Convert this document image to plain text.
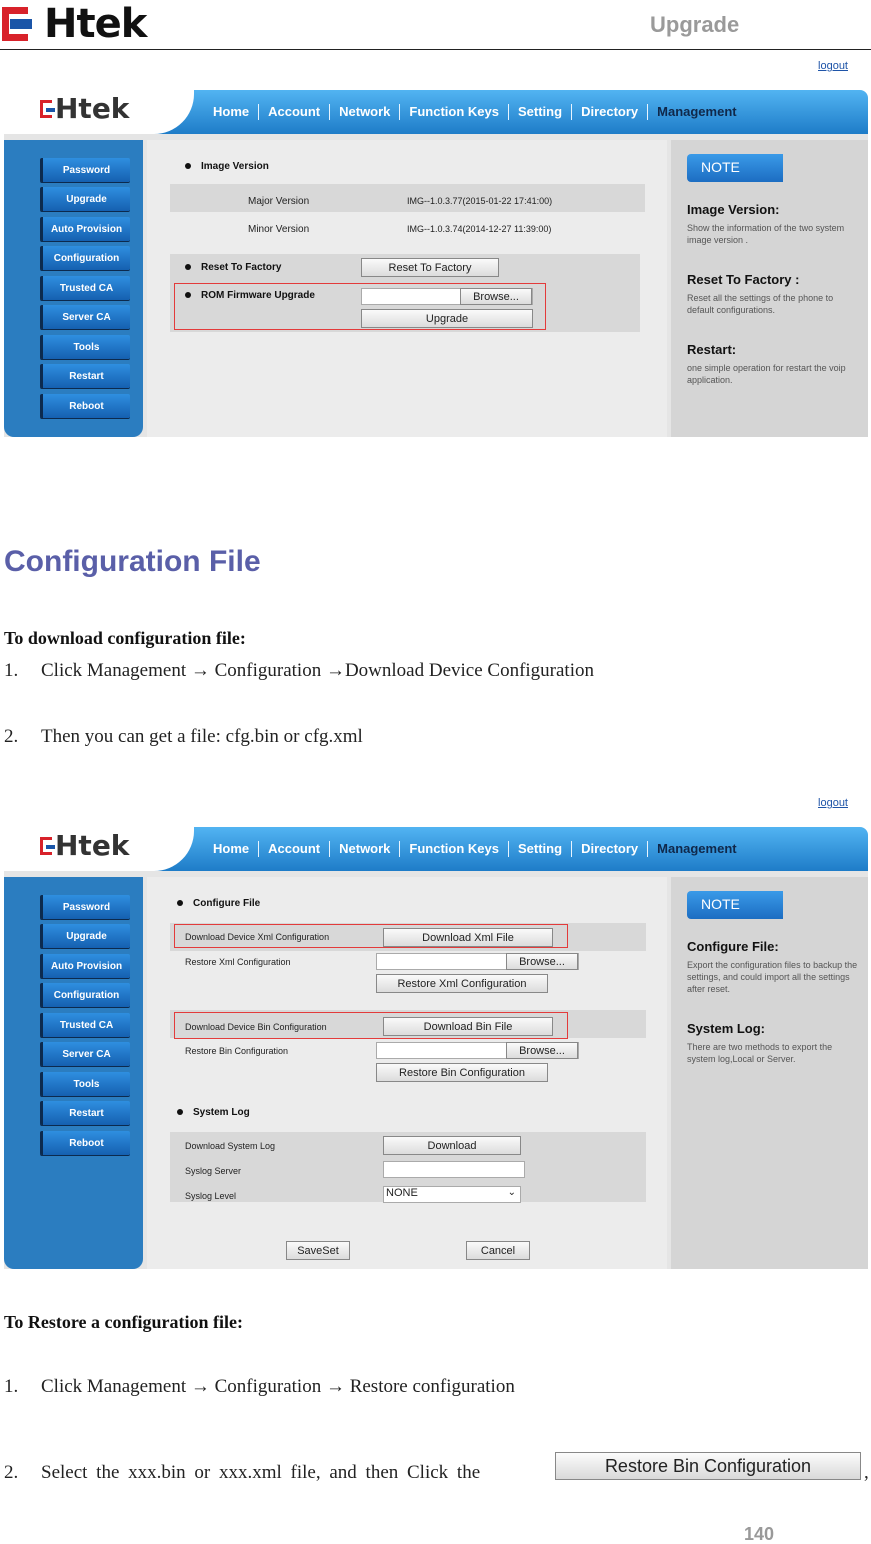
Htek	Upgrade
logout
Htek	Home	Account	Network	Function Keys	Setting	Directory	Management
Password
Upgrade
Auto Provision
Configuration
Trusted CA
Server CA
Tools
Restart
Reboot
Image Version
Major Version	IMG--1.0.3.77(2015-01-22 17:41:00)
Minor Version	IMG--1.0.3.74(2014-12-27 11:39:00)
Reset To Factory	Reset To Factory
ROM Firmware Upgrade	Browse...
Upgrade
NOTE
Image Version:
Show the information of the two system image version .
Reset To Factory :
Reset all the settings of the phone to default configurations.
Restart:
one simple operation for restart the voip application.
Configuration File
To download configuration file:
1. Click Management → Configuration →Download Device Configuration
2. Then you can get a file: cfg.bin or cfg.xml
logout
Htek	Home	Account	Network	Function Keys	Setting	Directory	Management
Password
Upgrade
Auto Provision
Configuration
Trusted CA
Server CA
Tools
Restart
Reboot
Configure File
Download Device Xml Configuration	Download Xml File
Restore Xml Configuration	Browse...
Restore Xml Configuration
Download Device Bin Configuration	Download Bin File
Restore Bin Configuration	Browse...
Restore Bin Configuration
System Log
Download System Log	Download
Syslog Server
Syslog Level	NONE	⌄
SaveSet	Cancel
NOTE
Configure File:
Export the configuration files to backup the settings, and could import all the settings after reset.
System Log:
There are two methods to export the system log,Local or Server.
To Restore a configuration file:
1. Click Management → Configuration → Restore configuration
2. Select the xxx.bin or xxx.xml file, and then Click the	Restore Bin Configuration	,
140
